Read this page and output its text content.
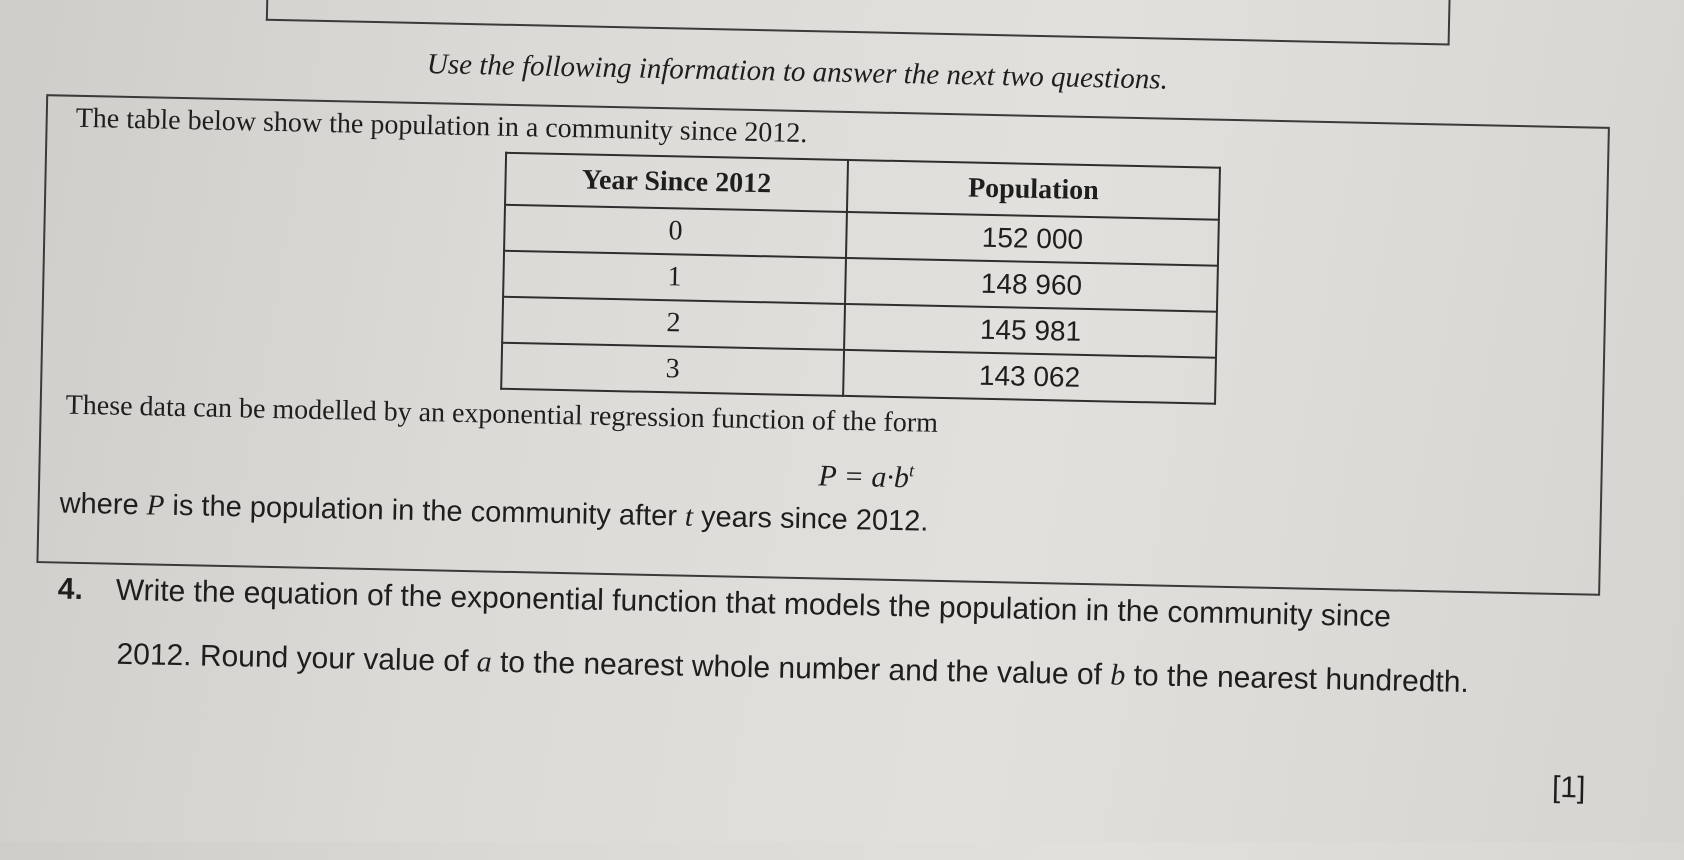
Use the following information to answer the next two questions.
The table below show the population in a community since 2012.
Year Since 2012	Population
0	152 000
1	148 960
2	145 981
3	143 062
These data can be modelled by an exponential regression function of the form
$P = a\cdot b^t$
where P is the population in the community after t years since 2012.
4. Write the equation of the exponential function that models the population in the community since
2012. Round your value of a to the nearest whole number and the value of b to the nearest hundredth.
[1]
